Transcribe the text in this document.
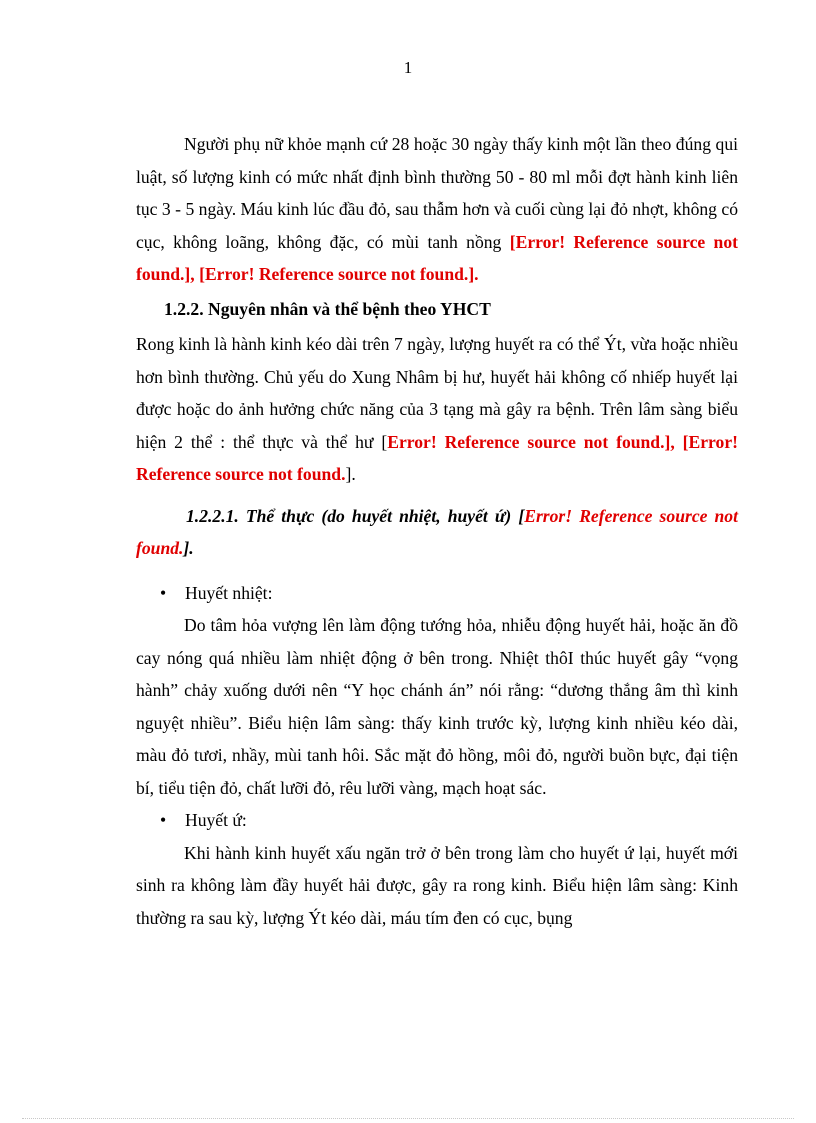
1

Người phụ nữ khỏe mạnh cứ 28 hoặc 30 ngày thấy kinh một lần theo đúng qui luật, số lượng kinh có mức nhất định bình thường 50 - 80 ml mỗi đợt hành kinh liên tục 3 - 5 ngày. Máu kinh lúc đầu đỏ, sau thẫm hơn và cuối cùng lại đỏ nhợt, không có cục, không loãng, không đặc, có mùi tanh nồng [Error! Reference source not found.], [Error! Reference source not found.].

1.2.2. Nguyên nhân và thể bệnh theo YHCT

Rong kinh là hành kinh kéo dài trên 7 ngày, lượng huyết ra có thể Ýt, vừa hoặc nhiều hơn bình thường. Chủ yếu do Xung Nhâm bị hư, huyết hải không cố nhiếp huyết lại được hoặc do ảnh hưởng chức năng của 3 tạng mà gây ra bệnh. Trên lâm sàng biểu hiện 2 thể : thể thực và thể hư [Error! Reference source not found.], [Error! Reference source not found.].

1.2.2.1. Thể thực (do huyết nhiệt, huyết ứ) [Error! Reference source not found.].

• Huyết nhiệt:

Do tâm hỏa vượng lên làm động tướng hỏa, nhiễu động huyết hải, hoặc ăn đồ cay nóng quá nhiều làm nhiệt động ở bên trong. Nhiệt thôI thúc huyết gây “vọng hành” chảy xuống dưới nên “Y học chánh án” nói rằng: “dương thắng âm thì kinh nguyệt nhiều”. Biểu hiện lâm sàng: thấy kinh trước kỳ, lượng kinh nhiều kéo dài, màu đỏ tươi, nhầy, mùi tanh hôi. Sắc mặt đỏ hồng, môi đỏ, người buồn bực, đại tiện bí, tiểu tiện đỏ, chất lưỡi đỏ, rêu lưỡi vàng, mạch hoạt sác.

• Huyết ứ:

Khi hành kinh huyết xấu ngăn trở ở bên trong làm cho huyết ứ lại, huyết mới sinh ra không làm đầy huyết hải được, gây ra rong kinh. Biểu hiện lâm sàng: Kinh thường ra sau kỳ, lượng Ýt kéo dài, máu tím đen có cục, bụng
